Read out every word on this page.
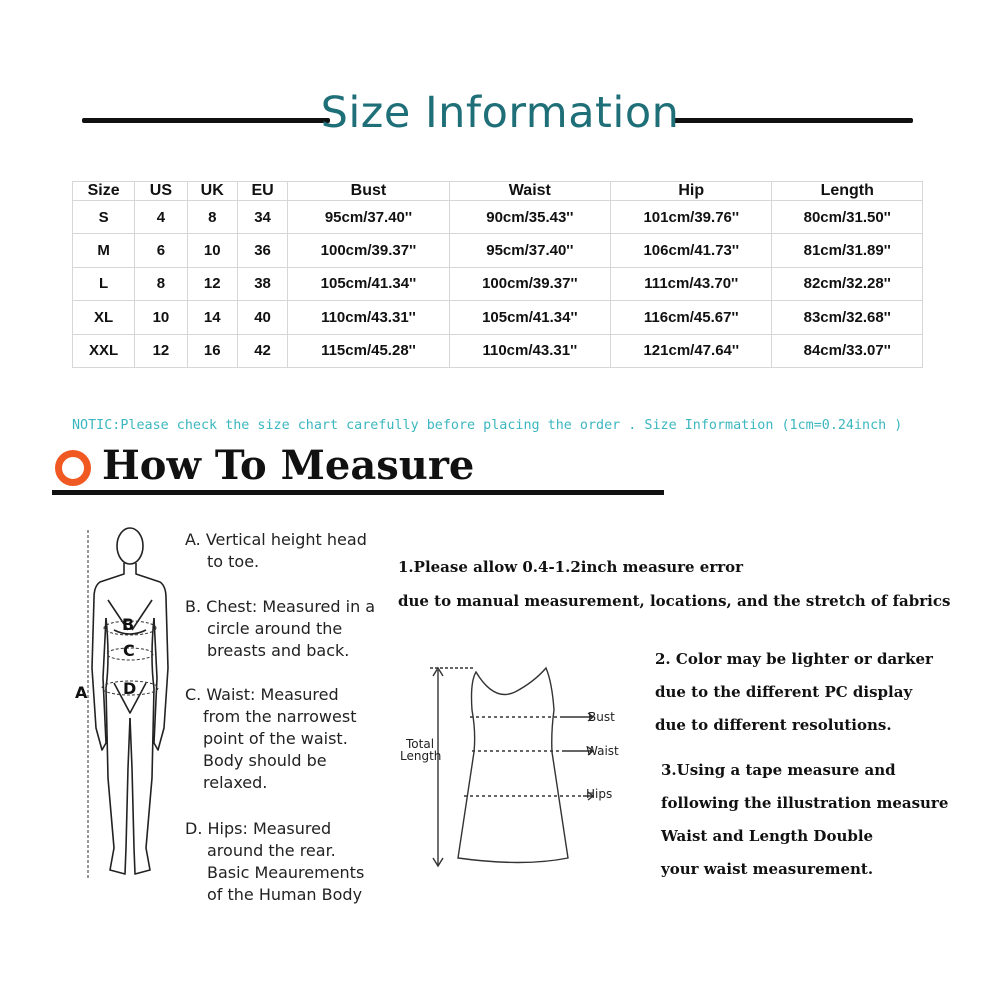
Size Information
Size	US	UK	EU	Bust	Waist	Hip	Length
S	4	8	34	95cm/37.40''	90cm/35.43''	101cm/39.76''	80cm/31.50''
M	6	10	36	100cm/39.37''	95cm/37.40''	106cm/41.73''	81cm/31.89''
L	8	12	38	105cm/41.34''	100cm/39.37''	111cm/43.70''	82cm/32.28''
XL	10	14	40	110cm/43.31''	105cm/41.34''	116cm/45.67''	83cm/32.68''
XXL	12	16	42	115cm/45.28''	110cm/43.31''	121cm/47.64''	84cm/33.07''
NOTIC:Please check the size chart carefully before placing the order . Size Information (1cm=0.24inch )
How To Measure
B
C
D
A
A. Vertical height head
to toe.
B. Chest: Measured in a
circle around the
breasts and back.
C. Waist: Measured
from the narrowest
point of the waist.
Body should be
relaxed.
D. Hips: Measured
around the rear.
Basic Meaurements
of the Human Body
1.Please allow 0.4-1.2inch measure error
due to manual measurement, locations, and the stretch of fabrics
2. Color may be lighter or darker
due to the different PC display
due to different resolutions.
3.Using a tape measure and
following the illustration measure
Waist and Length Double
your waist measurement.
Total
Length
Bust
Waist
Hips
